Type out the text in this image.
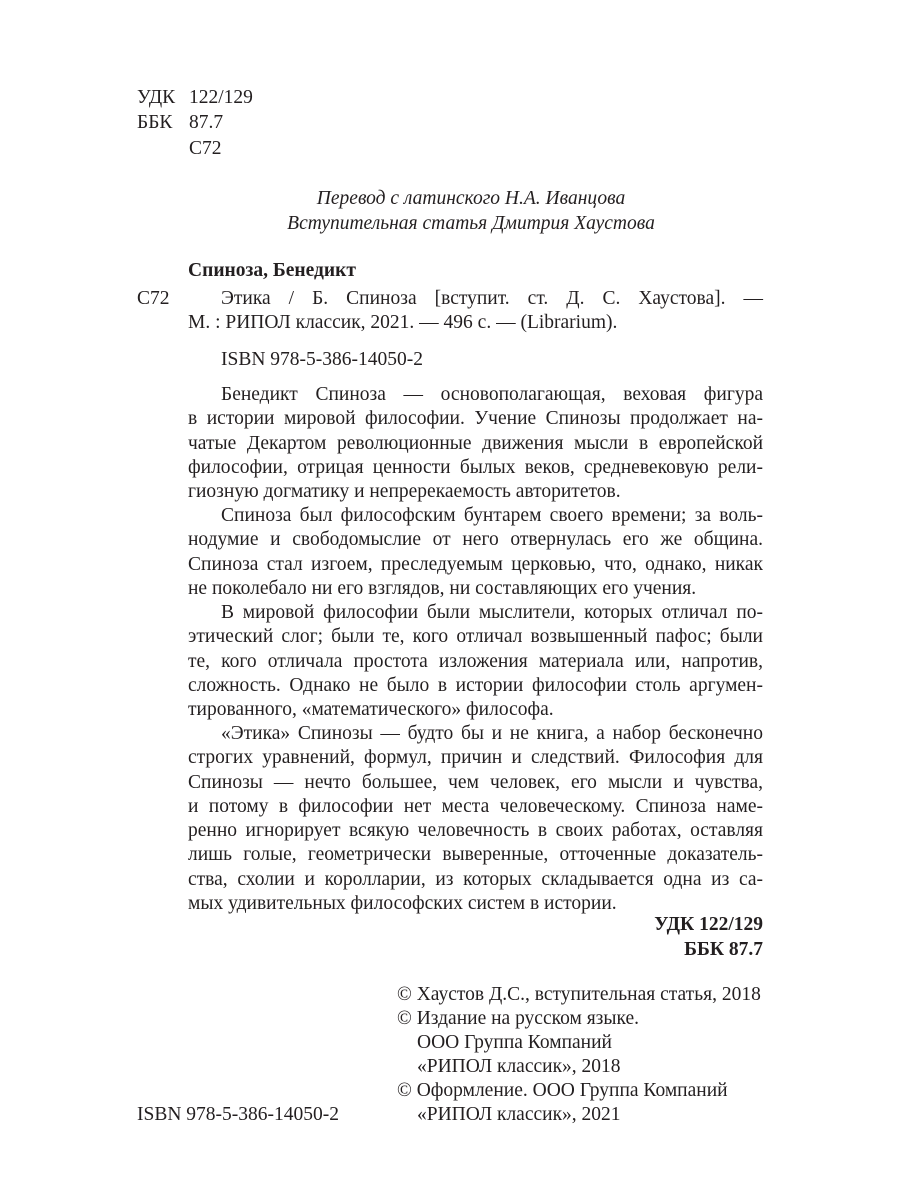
УДК 122/129
ББК 87.7
С72
Перевод с латинского Н.А. Иванцова
Вступительная статья Дмитрия Хаустова
Спиноза, Бенедикт
С72	Этика / Б. Спиноза [вступит. ст. Д. С. Хаустова]. —
М. : РИПОЛ классик, 2021. — 496 с. — (Librarium).
ISBN 978-5-386-14050-2
Бенедикт Спиноза — основополагающая, веховая фигура
в истории мировой философии. Учение Спинозы продолжает на-
чатые Декартом революционные движения мысли в европейской
философии, отрицая ценности былых веков, средневековую рели-
гиозную догматику и непререкаемость авторитетов.
Спиноза был философским бунтарем своего времени; за воль-
нодумие и свободомыслие от него отвернулась его же община.
Спиноза стал изгоем, преследуемым церковью, что, однако, никак
не поколебало ни его взглядов, ни составляющих его учения.
В мировой философии были мыслители, которых отличал по-
этический слог; были те, кого отличал возвышенный пафос; были
те, кого отличала простота изложения материала или, напротив,
сложность. Однако не было в истории философии столь аргумен-
тированного, «математического» философа.
«Этика» Спинозы — будто бы и не книга, а набор бесконечно
строгих уравнений, формул, причин и следствий. Философия для
Спинозы — нечто большее, чем человек, его мысли и чувства,
и потому в философии нет места человеческому. Спиноза наме-
ренно игнорирует всякую человечность в своих работах, оставляя
лишь голые, геометрически выверенные, отточенные доказатель-
ства, схолии и королларии, из которых складывается одна из са-
мых удивительных философских систем в истории.
УДК 122/129
ББК 87.7
© Хаустов Д.С., вступительная статья, 2018
© Издание на русском языке.
ООО Группа Компаний
«РИПОЛ классик», 2018
© Оформление. ООО Группа Компаний
«РИПОЛ классик», 2021
ISBN 978-5-386-14050-2
